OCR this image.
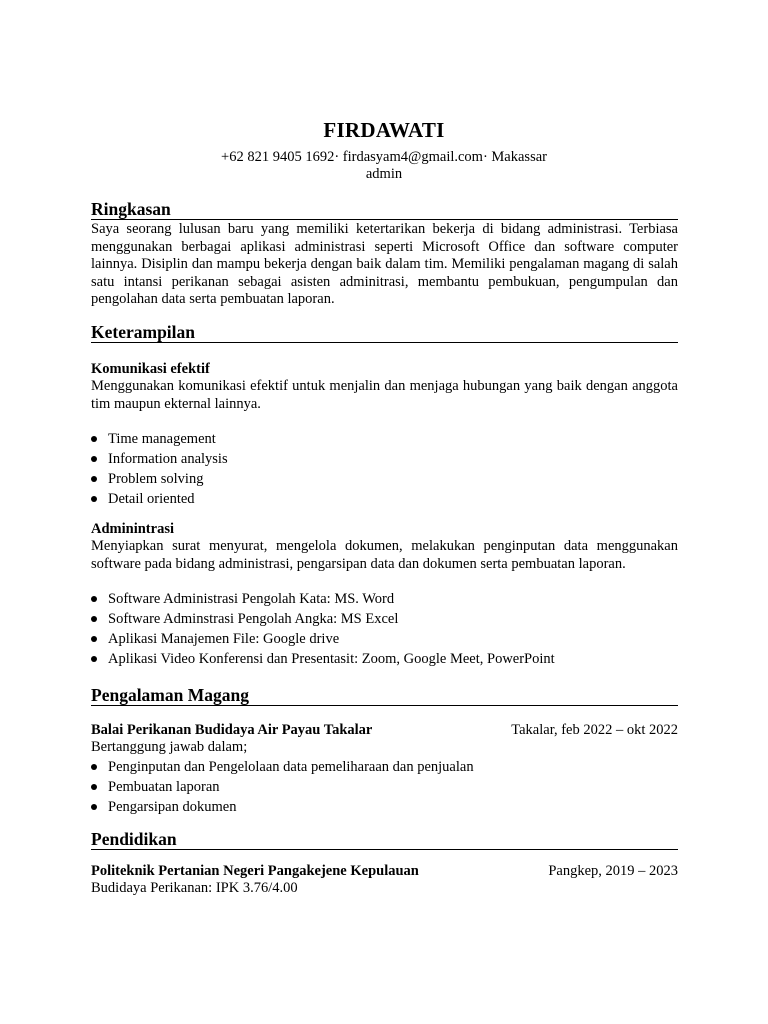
FIRDAWATI
+62 821 9405 1692· firdasyam4@gmail.com· Makassar
admin
Ringkasan

Saya seorang lulusan baru yang memiliki ketertarikan bekerja di bidang administrasi. Terbiasa menggunakan berbagai aplikasi administrasi seperti Microsoft Office dan software computer lainnya. Disiplin dan mampu bekerja dengan baik dalam tim. Memiliki pengalaman magang di salah satu intansi perikanan sebagai asisten adminitrasi, membantu pembukuan, pengumpulan dan pengolahan data serta pembuatan laporan.

Keterampilan
Komunikasi efektif

Menggunakan komunikasi efektif untuk menjalin dan menjaga hubungan yang baik dengan anggota tim maupun ekternal lainnya.

Time management
Information analysis
Problem solving
Detail oriented
Adminintrasi

Menyiapkan surat menyurat, mengelola dokumen, melakukan penginputan data menggunakan software pada bidang administrasi, pengarsipan data dan dokumen serta pembuatan laporan.

Software Administrasi Pengolah Kata: MS. Word
Software Adminstrasi Pengolah Angka: MS Excel
Aplikasi Manajemen File: Google drive
Aplikasi Video Konferensi dan Presentasit: Zoom, Google Meet, PowerPoint
Pengalaman Magang
Balai Perikanan Budidaya Air Payau Takalar	Takalar, feb 2022 – okt 2022
Bertanggung jawab dalam;
Penginputan dan Pengelolaan data pemeliharaan dan penjualan
Pembuatan laporan
Pengarsipan dokumen
Pendidikan
Politeknik Pertanian Negeri Pangakejene Kepulauan	Pangkep, 2019 – 2023
Budidaya Perikanan: IPK 3.76/4.00
